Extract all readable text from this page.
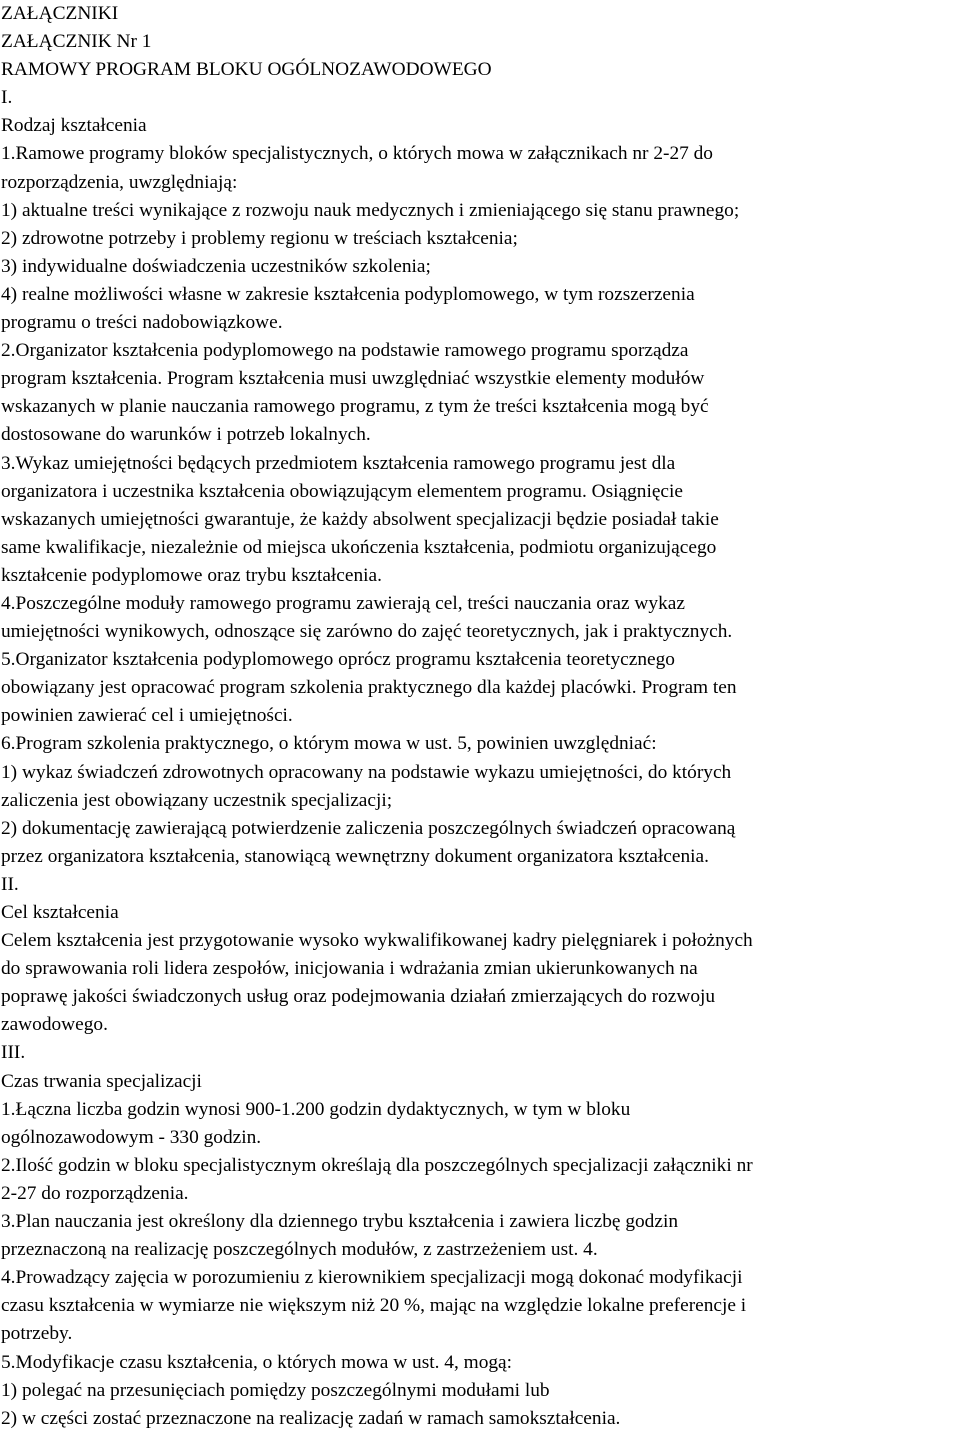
ZAŁĄCZNIKI
ZAŁĄCZNIK Nr 1
RAMOWY PROGRAM BLOKU OGÓLNOZAWODOWEGO
I.
Rodzaj kształcenia
1.Ramowe programy bloków specjalistycznych, o których mowa w załącznikach nr 2-27 do
rozporządzenia, uwzględniają:
1) aktualne treści wynikające z rozwoju nauk medycznych i zmieniającego się stanu prawnego;
2) zdrowotne potrzeby i problemy regionu w treściach kształcenia;
3) indywidualne doświadczenia uczestników szkolenia;
4) realne możliwości własne w zakresie kształcenia podyplomowego, w tym rozszerzenia
programu o treści nadobowiązkowe.
2.Organizator kształcenia podyplomowego na podstawie ramowego programu sporządza
program kształcenia. Program kształcenia musi uwzględniać wszystkie elementy modułów
wskazanych w planie nauczania ramowego programu, z tym że treści kształcenia mogą być
dostosowane do warunków i potrzeb lokalnych.
3.Wykaz umiejętności będących przedmiotem kształcenia ramowego programu jest dla
organizatora i uczestnika kształcenia obowiązującym elementem programu. Osiągnięcie
wskazanych umiejętności gwarantuje, że każdy absolwent specjalizacji będzie posiadał takie
same kwalifikacje, niezależnie od miejsca ukończenia kształcenia, podmiotu organizującego
kształcenie podyplomowe oraz trybu kształcenia.
4.Poszczególne moduły ramowego programu zawierają cel, treści nauczania oraz wykaz
umiejętności wynikowych, odnoszące się zarówno do zajęć teoretycznych, jak i praktycznych.
5.Organizator kształcenia podyplomowego oprócz programu kształcenia teoretycznego
obowiązany jest opracować program szkolenia praktycznego dla każdej placówki. Program ten
powinien zawierać cel i umiejętności.
6.Program szkolenia praktycznego, o którym mowa w ust. 5, powinien uwzględniać:
1) wykaz świadczeń zdrowotnych opracowany na podstawie wykazu umiejętności, do których
zaliczenia jest obowiązany uczestnik specjalizacji;
2) dokumentację zawierającą potwierdzenie zaliczenia poszczególnych świadczeń opracowaną
przez organizatora kształcenia, stanowiącą wewnętrzny dokument organizatora kształcenia.
II.
Cel kształcenia
Celem kształcenia jest przygotowanie wysoko wykwalifikowanej kadry pielęgniarek i położnych
do sprawowania roli lidera zespołów, inicjowania i wdrażania zmian ukierunkowanych na
poprawę jakości świadczonych usług oraz podejmowania działań zmierzających do rozwoju
zawodowego.
III.
Czas trwania specjalizacji
1.Łączna liczba godzin wynosi 900-1.200 godzin dydaktycznych, w tym w bloku
ogólnozawodowym - 330 godzin.
2.Ilość godzin w bloku specjalistycznym określają dla poszczególnych specjalizacji załączniki nr
2-27 do rozporządzenia.
3.Plan nauczania jest określony dla dziennego trybu kształcenia i zawiera liczbę godzin
przeznaczoną na realizację poszczególnych modułów, z zastrzeżeniem ust. 4.
4.Prowadzący zajęcia w porozumieniu z kierownikiem specjalizacji mogą dokonać modyfikacji
czasu kształcenia w wymiarze nie większym niż 20 %, mając na względzie lokalne preferencje i
potrzeby.
5.Modyfikacje czasu kształcenia, o których mowa w ust. 4, mogą:
1) polegać na przesunięciach pomiędzy poszczególnymi modułami lub
2) w części zostać przeznaczone na realizację zadań w ramach samokształcenia.
